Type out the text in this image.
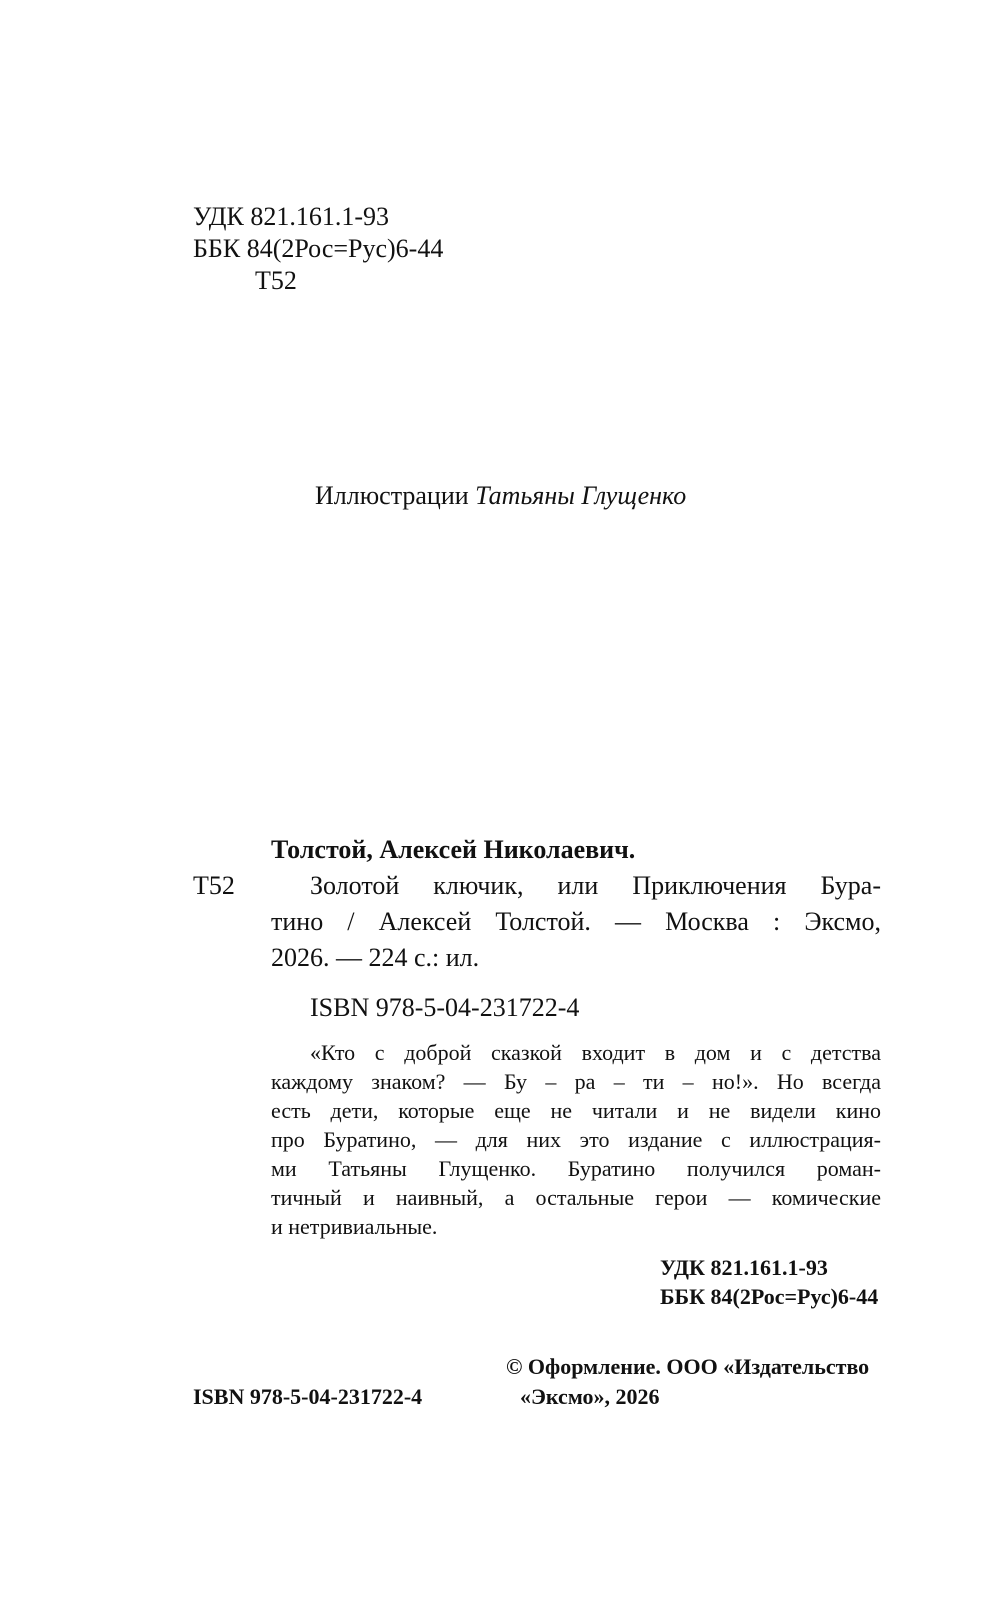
УДК 821.161.1-93
ББК 84(2Рос=Рус)6-44
Т52
Иллюстрации Татьяны Глущенко
Толстой, Алексей Николаевич.
Т52	Золотой ключик, или Приключения Бура-
тино / Алексей Толстой. — Москва : Эксмо,
2026. — 224 с.: ил.
ISBN 978-5-04-231722-4
«Кто с доброй сказкой входит в дом и с детства
каждому знаком? — Бу – ра – ти – но!». Но всегда
есть дети, которые еще не читали и не видели кино
про Буратино, — для них это издание с иллюстрация-
ми Татьяны Глущенко. Буратино получился роман-
тичный и наивный, а остальные герои — комические
и нетривиальные.
УДК 821.161.1-93
ББК 84(2Рос=Рус)6-44
© Оформление. ООО «Издательство
«Эксмо», 2026
ISBN 978-5-04-231722-4
